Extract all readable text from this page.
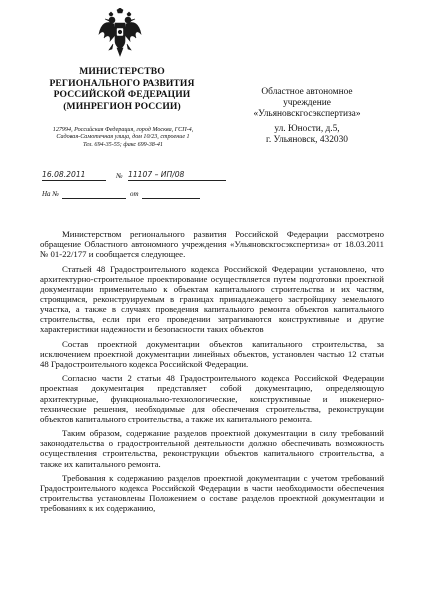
МИНИСТЕРСТВО
РЕГИОНАЛЬНОГО РАЗВИТИЯ
РОССИЙСКОЙ ФЕДЕРАЦИИ
(МИНРЕГИОН РОССИИ)
127994, Российская Федерация, город Москва, ГСП-4,
Садовая-Самотечная улица, дом 10/23, строение 1
Тел. 694-35-55; факс 699-38-41
Областное автономное
учреждение
«Ульяновскгосэкспертиза»
ул. Юности, д.5,
г. Ульяновск, 432030
16.08.2011	№ 11107 – ИП/08
На №	от

Министерством регионального развития Российской Федерации рассмотрено обращение Областного автономного учреждения «Ульяновскгосэкспертиза» от 18.03.2011 № 01-22/177 и сообщается следующее.

Статьей 48 Градостроительного кодекса Российской Федерации установлено, что архитектурно-строительное проектирование осуществляется путем подготовки проектной документации применительно к объектам капитального строительства и их частям, строящимся, реконструируемым в границах принадлежащего застройщику земельного участка, а также в случаях проведения капитального ремонта объектов капитального строительства, если при его проведении затрагиваются конструктивные и другие характеристики надежности и безопасности таких объектов

Состав проектной документации объектов капитального строительства, за исключением проектной документации линейных объектов, установлен частью 12 статьи 48 Градостроительного кодекса Российской Федерации.

Согласно части 2 статьи 48 Градостроительного кодекса Российской Федерации проектная документация представляет собой документацию, определяющую архитектурные, функционально-технологические, конструктивные и инженерно-технические решения, необходимые для обеспечения строительства, реконструкции объектов капитального строительства, а также их капитального ремонта.

Таким образом, содержание разделов проектной документации в силу требований законодательства о градостроительной деятельности должно обеспечивать возможность осуществления строительства, реконструкции объектов капитального строительства, а также их капитального ремонта.

Требования к содержанию разделов проектной документации с учетом требований Градостроительного кодекса Российской Федерации в части необходимости обеспечения строительства установлены Положением о составе разделов проектной документации и требованиях к их содержанию,
